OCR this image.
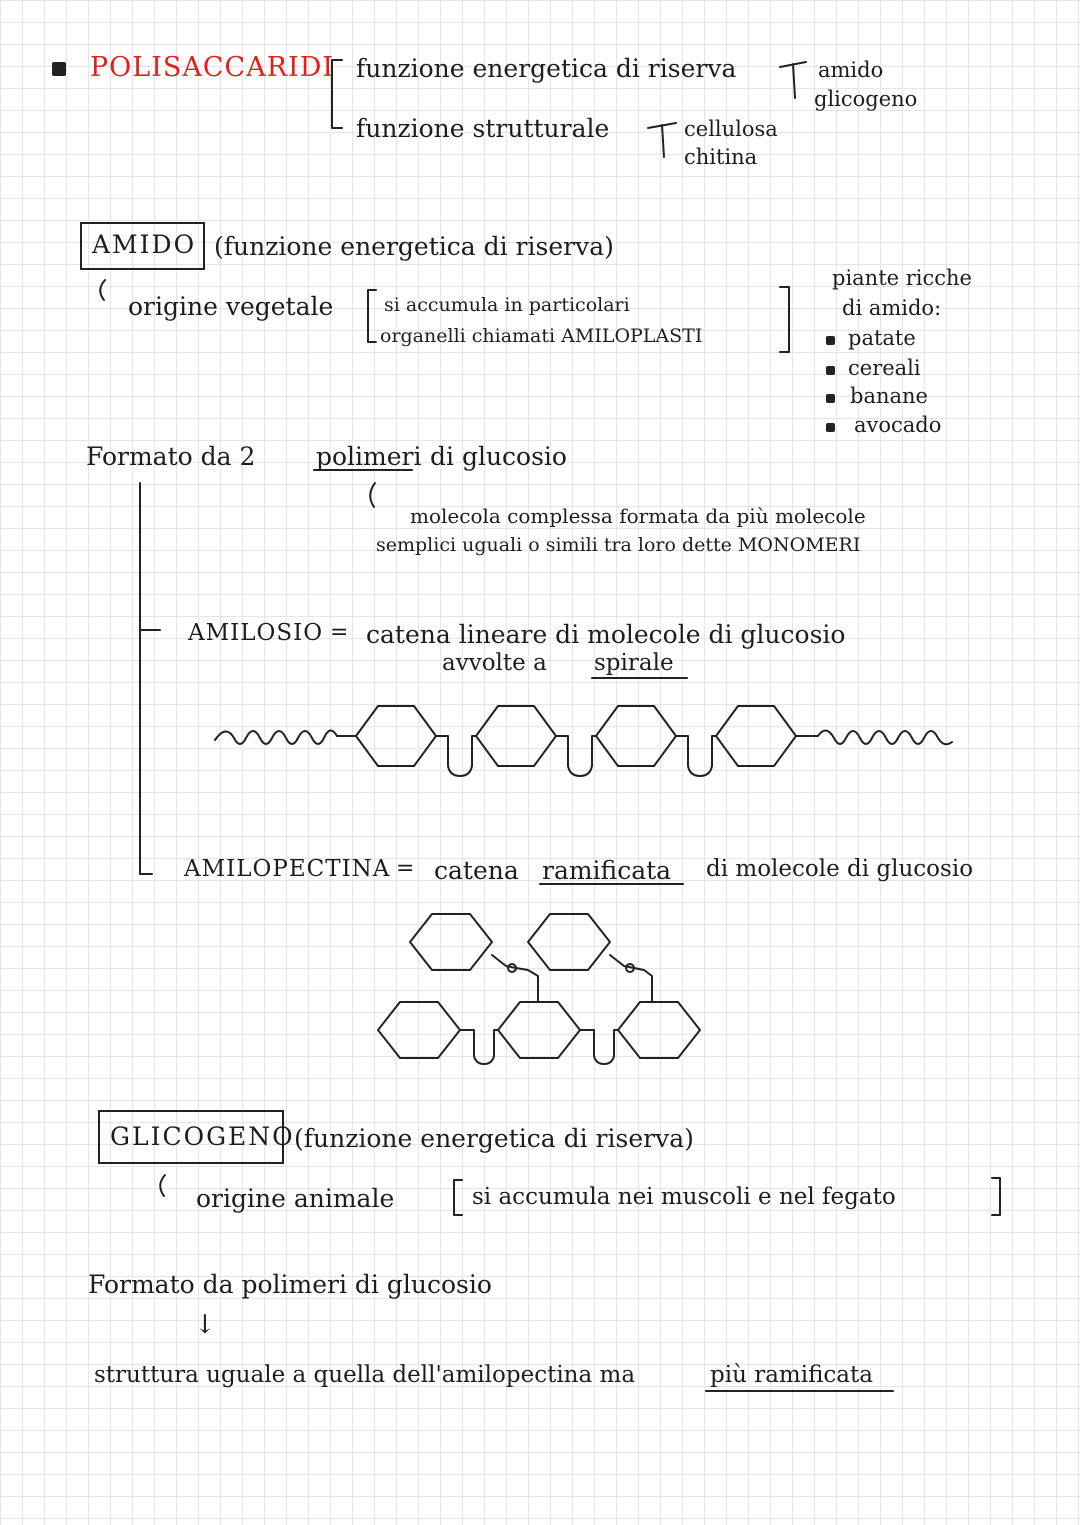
POLISACCARIDI funzione energetica di riserva	amido
glicogeno
funzione strutturale	cellulosa
chitina
AMIDO (funzione energetica di riserva)
origine vegetale	si accumula in particolari
organelli chiamati AMILOPLASTI
piante ricche
di amido:
patate
cereali
banane
avocado
Formato da 2 polimeri di glucosio
molecola complessa formata da più molecole
semplici uguali o simili tra loro dette MONOMERI
AMILOSIO = catena lineare di molecole di glucosio
avvolte a spirale
AMILOPECTINA = catena ramificata di molecole di glucosio
GLICOGENO (funzione energetica di riserva)
origine animale	si accumula nei muscoli e nel fegato
Formato da polimeri di glucosio
↓
struttura uguale a quella dell'amilopectina ma	più ramificata
